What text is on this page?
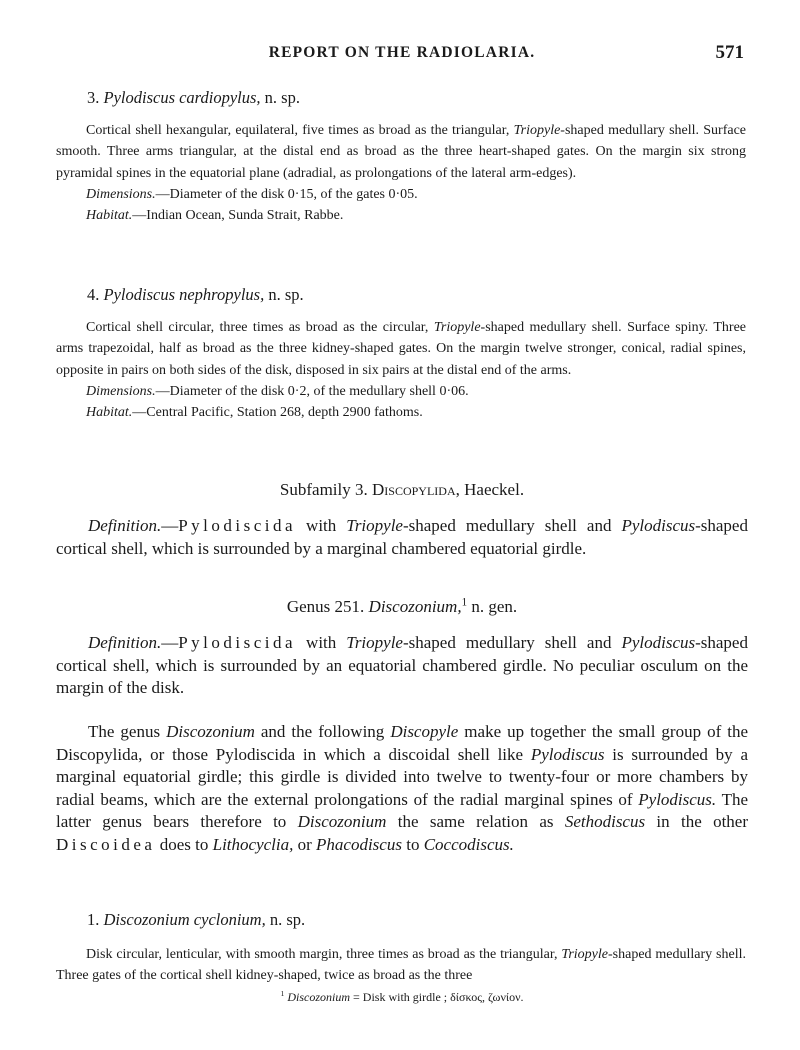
REPORT ON THE RADIOLARIA.	571
3. Pylodiscus cardiopylus, n. sp.

Cortical shell hexangular, equilateral, five times as broad as the triangular, Triopyle-shaped medullary shell. Surface smooth. Three arms triangular, at the distal end as broad as the three heart-shaped gates. On the margin six strong pyramidal spines in the equatorial plane (adradial, as prolongations of the lateral arm-edges).

Dimensions.—Diameter of the disk 0·15, of the gates 0·05.

Habitat.—Indian Ocean, Sunda Strait, Rabbe.

4. Pylodiscus nephropylus, n. sp.

Cortical shell circular, three times as broad as the circular, Triopyle-shaped medullary shell. Surface spiny. Three arms trapezoidal, half as broad as the three kidney-shaped gates. On the margin twelve stronger, conical, radial spines, opposite in pairs on both sides of the disk, disposed in six pairs at the distal end of the arms.

Dimensions.—Diameter of the disk 0·2, of the medullary shell 0·06.

Habitat.—Central Pacific, Station 268, depth 2900 fathoms.

Subfamily 3. Discopylida, Haeckel.

Definition.—Pylodiscida with Triopyle-shaped medullary shell and Pylodiscus-shaped cortical shell, which is surrounded by a marginal chambered equatorial girdle.

Genus 251. Discozonium,$^1$ n. gen.

Definition.—Pylodiscida with Triopyle-shaped medullary shell and Pylodiscus-shaped cortical shell, which is surrounded by an equatorial chambered girdle. No peculiar osculum on the margin of the disk.

The genus Discozonium and the following Discopyle make up together the small group of the Discopylida, or those Pylodiscida in which a discoidal shell like Pylodiscus is surrounded by a marginal equatorial girdle; this girdle is divided into twelve to twenty-four or more chambers by radial beams, which are the external prolongations of the radial marginal spines of Pylodiscus. The latter genus bears therefore to Discozonium the same relation as Sethodiscus in the other Discoidea does to Lithocyclia, or Phacodiscus to Coccodiscus.

1. Discozonium cyclonium, n. sp.

Disk circular, lenticular, with smooth margin, three times as broad as the triangular, Triopyle-shaped medullary shell. Three gates of the cortical shell kidney-shaped, twice as broad as the three

$^1$ Discozonium = Disk with girdle ; δίσκος, ζωνίον.
